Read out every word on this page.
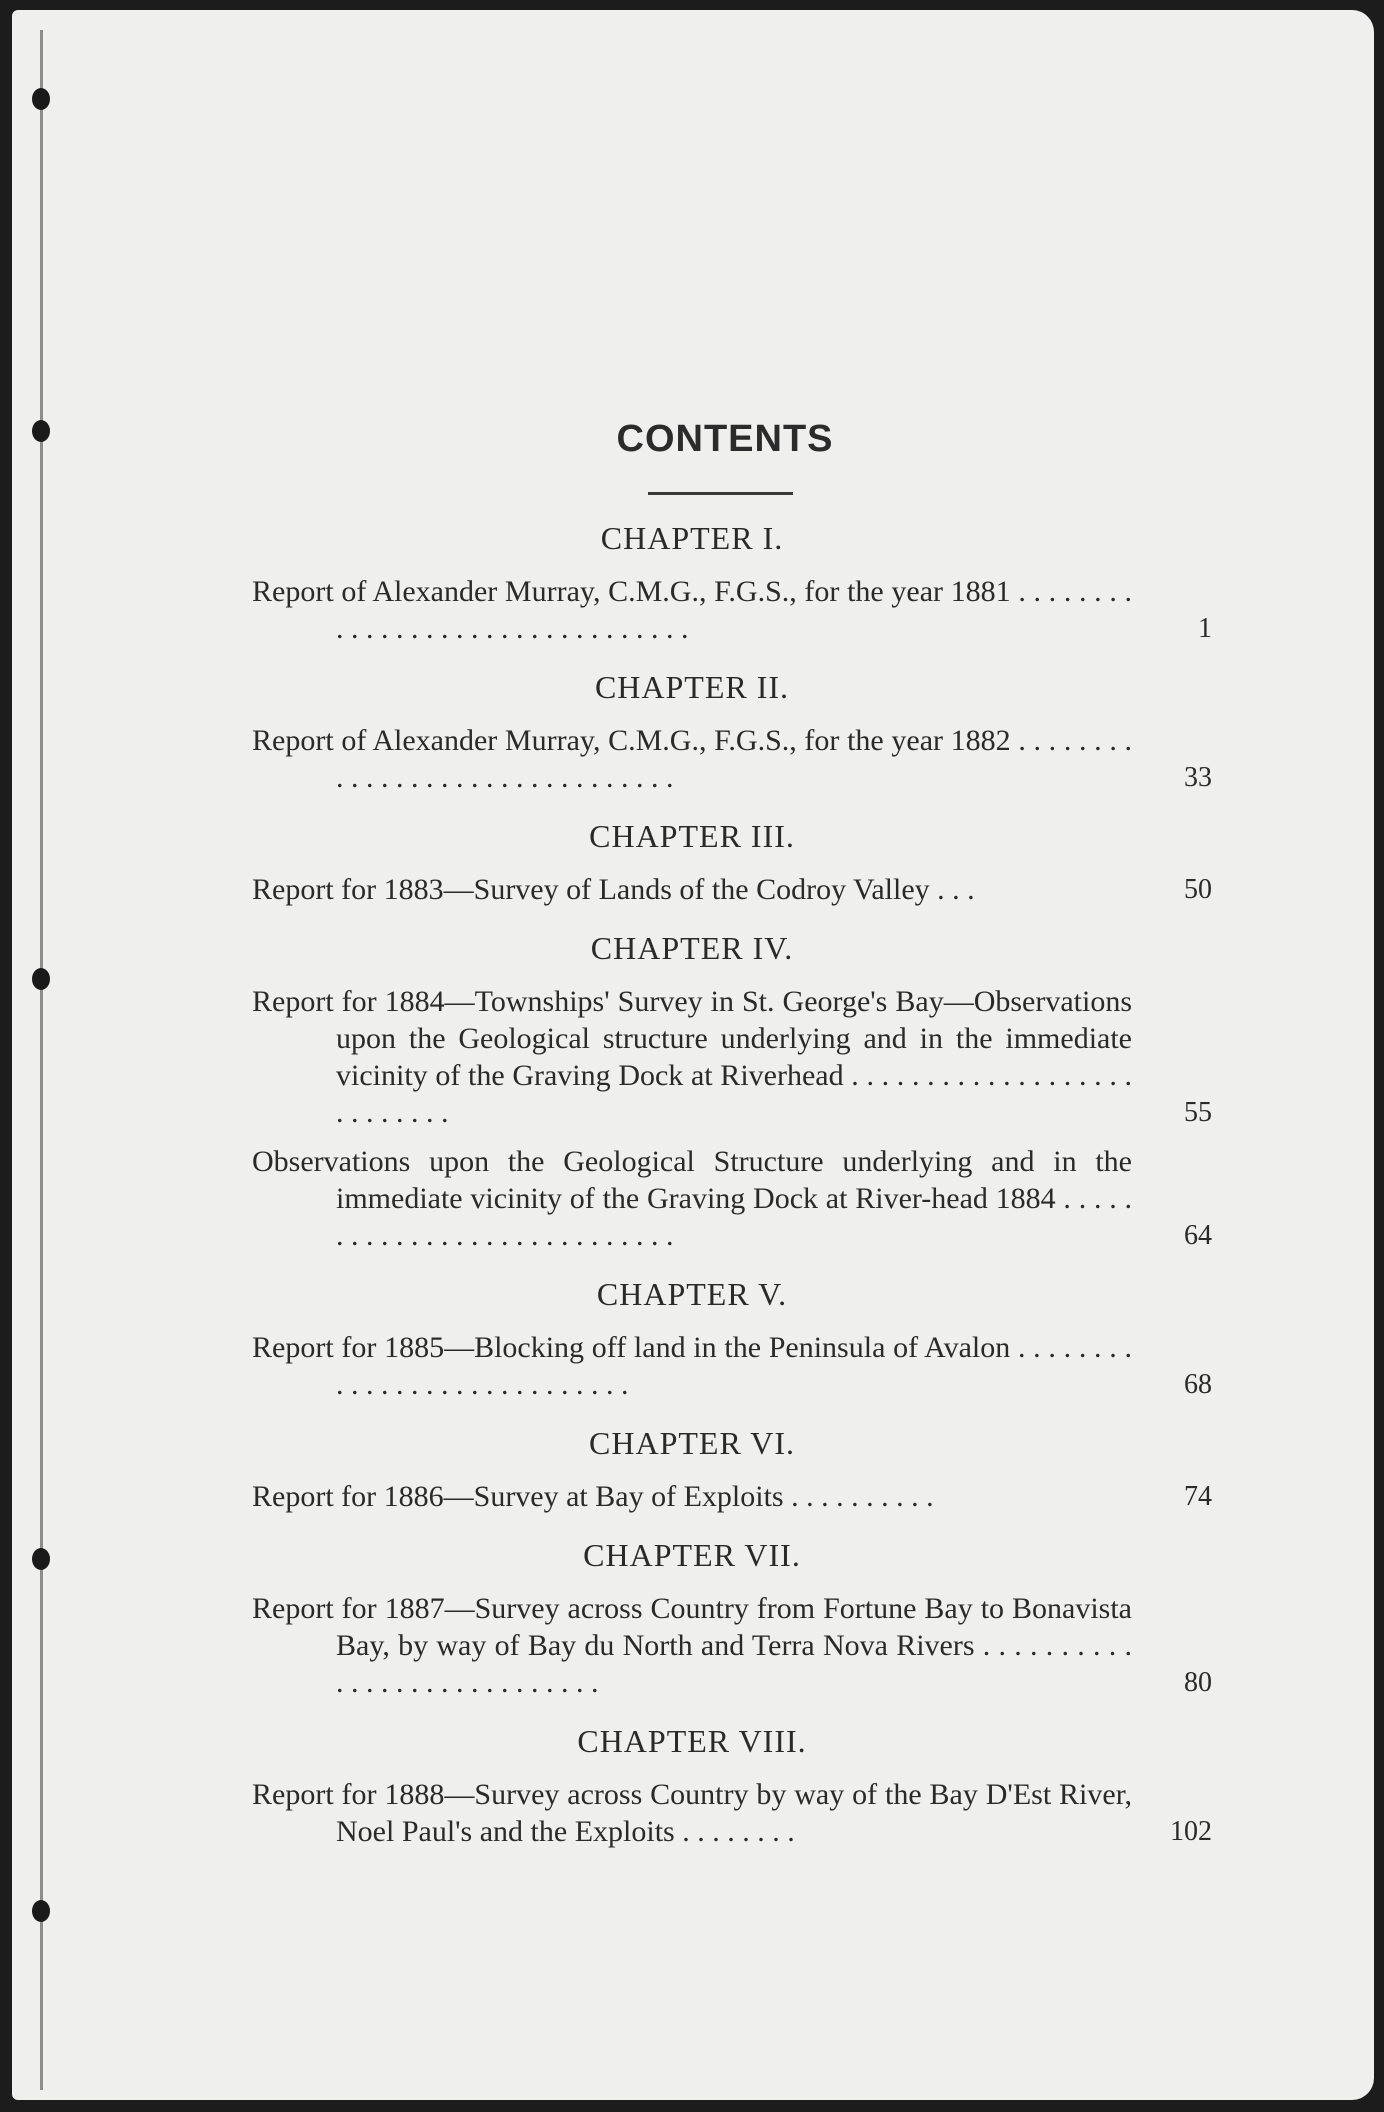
CONTENTS
CHAPTER I.
Report of Alexander Murray, C.M.G., F.G.S., for the year 1881 . . . . . . . . . . . . . . . . . . . . . . . . . . . . . . . .	1
CHAPTER II.
Report of Alexander Murray, C.M.G., F.G.S., for the year 1882 . . . . . . . . . . . . . . . . . . . . . . . . . . . . . . .	33
CHAPTER III.
Report for 1883—Survey of Lands of the Codroy Valley . . .	50
CHAPTER IV.
Report for 1884—Townships' Survey in St. George's Bay—Observations upon the Geological structure underlying and in the immediate vicinity of the Graving Dock at Riverhead . . . . . . . . . . . . . . . . . . . . . . . . . . .	55
Observations upon the Geological Structure underlying and in the immediate vicinity of the Graving Dock at River-head 1884 . . . . . . . . . . . . . . . . . . . . . . . . . . . .	64
CHAPTER V.
Report for 1885—Blocking off land in the Peninsula of Avalon . . . . . . . . . . . . . . . . . . . . . . . . . . . .	68
CHAPTER VI.
Report for 1886—Survey at Bay of Exploits . . . . . . . . . .	74
CHAPTER VII.
Report for 1887—Survey across Country from Fortune Bay to Bonavista Bay, by way of Bay du North and Terra Nova Rivers . . . . . . . . . . . . . . . . . . . . . . . . . . . .	80
CHAPTER VIII.
Report for 1888—Survey across Country by way of the Bay D'Est River, Noel Paul's and the Exploits . . . . . . . .	102
